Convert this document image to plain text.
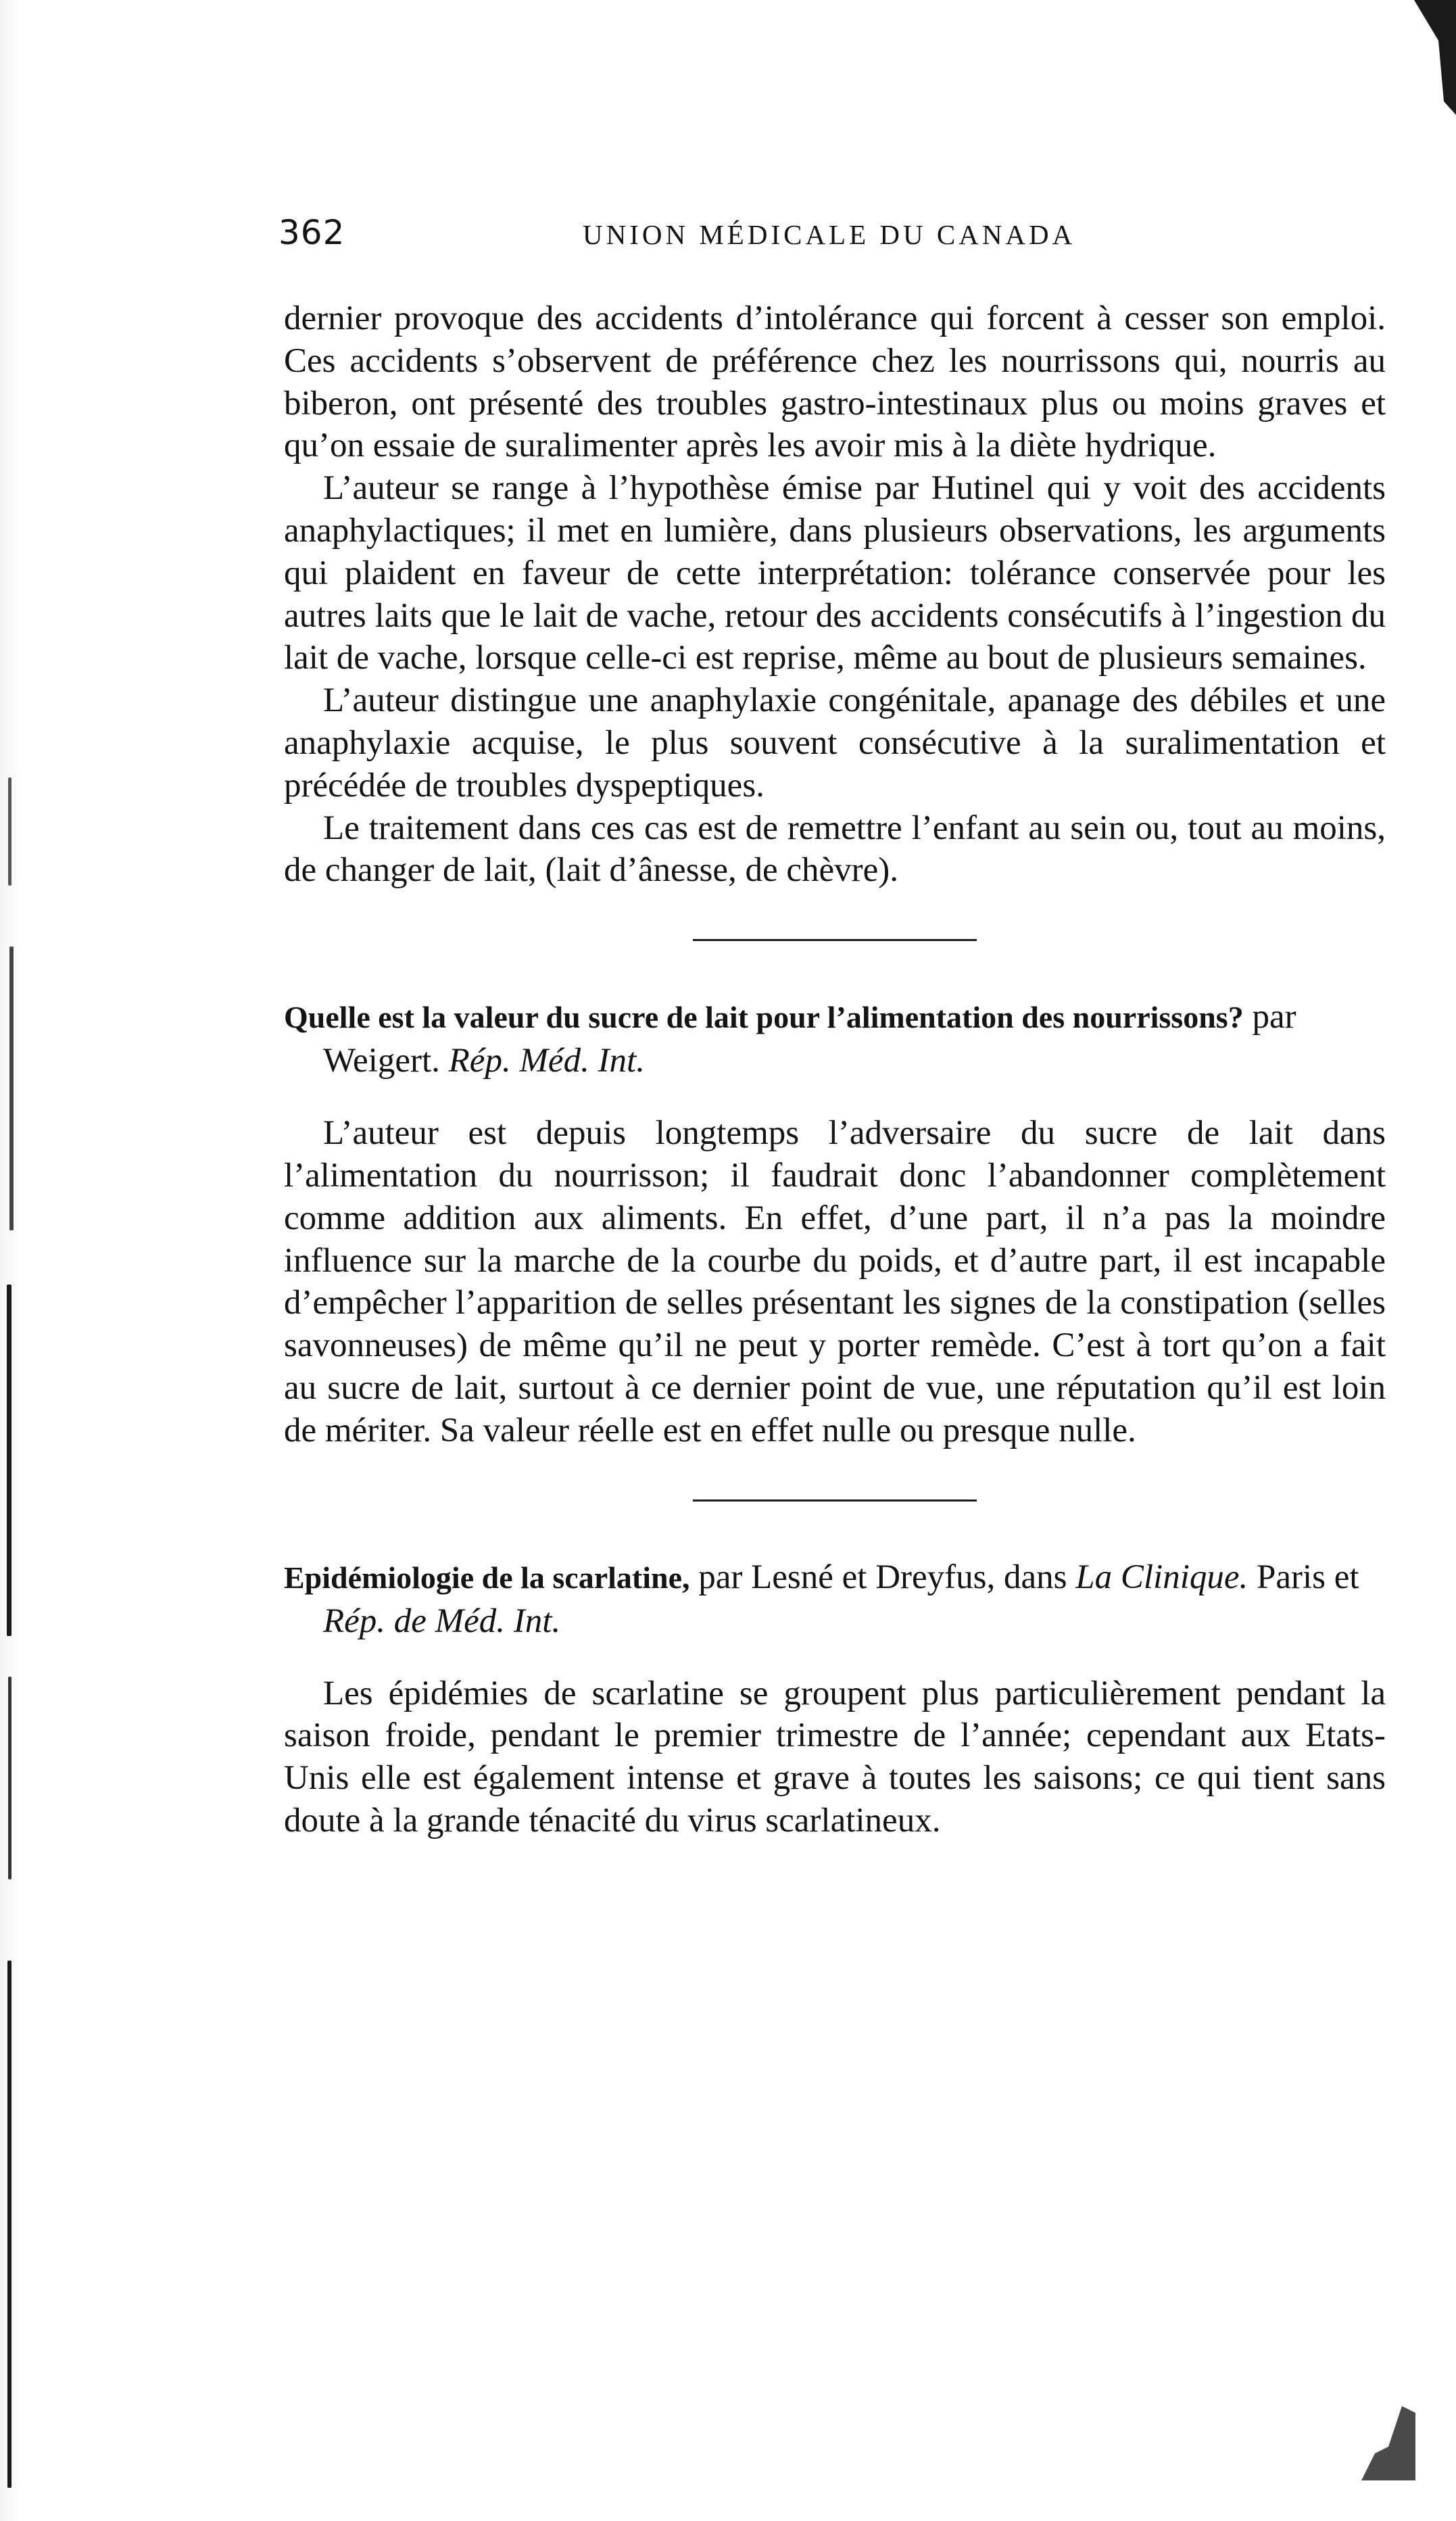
362	UNION MÉDICALE DU CANADA

dernier provoque des accidents d’intolérance qui forcent à cesser son emploi. Ces accidents s’observent de préférence chez les nourrissons qui, nourris au biberon, ont présenté des troubles gastro-intestinaux plus ou moins graves et qu’on essaie de suralimenter après les avoir mis à la diète hydrique.

L’auteur se range à l’hypothèse émise par Hutinel qui y voit des accidents anaphylactiques; il met en lumière, dans plusieurs observations, les arguments qui plaident en faveur de cette interprétation: tolérance conservée pour les autres laits que le lait de vache, retour des accidents consécutifs à l’ingestion du lait de vache, lorsque celle-ci est reprise, même au bout de plusieurs semaines.

L’auteur distingue une anaphylaxie congénitale, apanage des débiles et une anaphylaxie acquise, le plus souvent consécutive à la suralimentation et précédée de troubles dyspeptiques.

Le traitement dans ces cas est de remettre l’enfant au sein ou, tout au moins, de changer de lait, (lait d’ânesse, de chèvre).

Quelle est la valeur du sucre de lait pour l’alimentation des nourrissons? par Weigert. Rép. Méd. Int.

L’auteur est depuis longtemps l’adversaire du sucre de lait dans l’alimentation du nourrisson; il faudrait donc l’abandonner complètement comme addition aux aliments. En effet, d’une part, il n’a pas la moindre influence sur la marche de la courbe du poids, et d’autre part, il est incapable d’empêcher l’apparition de selles présentant les signes de la constipation (selles savonneuses) de même qu’il ne peut y porter remède. C’est à tort qu’on a fait au sucre de lait, surtout à ce dernier point de vue, une réputation qu’il est loin de mériter. Sa valeur réelle est en effet nulle ou presque nulle.

Epidémiologie de la scarlatine, par Lesné et Dreyfus, dans La Clinique. Paris et Rép. de Méd. Int.

Les épidémies de scarlatine se groupent plus particulièrement pendant la saison froide, pendant le premier trimestre de l’année; cependant aux Etats-Unis elle est également intense et grave à toutes les saisons; ce qui tient sans doute à la grande ténacité du virus scarlatineux.
